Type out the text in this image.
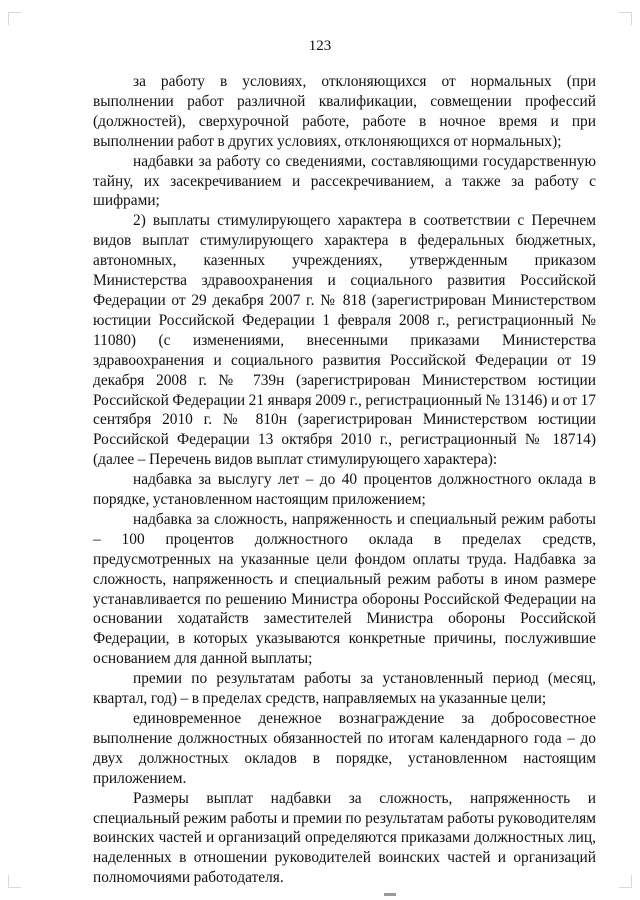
123

за работу в условиях, отклоняющихся от нормальных (при выполнении работ различной квалификации, совмещении профессий (должностей), сверхурочной работе, работе в ночное время и при выполнении работ в других условиях, отклоняющихся от нормальных);

надбавки за работу со сведениями, составляющими государственную тайну, их засекречиванием и рассекречиванием, а также за работу с шифрами;

2) выплаты стимулирующего характера в соответствии с Перечнем видов выплат стимулирующего характера в федеральных бюджетных, автономных, казенных учреждениях, утвержденным приказом Министерства здравоохранения и социального развития Российской Федерации от 29 декабря 2007 г. № 818 (зарегистрирован Министерством юстиции Российской Федерации 1 февраля 2008 г., регистрационный № 11080) (с изменениями, внесенными приказами Министерства здравоохранения и социального развития Российской Федерации от 19 декабря 2008 г. № 739н (зарегистрирован Министерством юстиции Российской Федерации 21 января 2009 г., регистрационный № 13146) и от 17 сентября 2010 г. № 810н (зарегистрирован Министерством юстиции Российской Федерации 13 октября 2010 г., регистрационный № 18714) (далее – Перечень видов выплат стимулирующего характера):

надбавка за выслугу лет – до 40 процентов должностного оклада в порядке, установленном настоящим приложением;

надбавка за сложность, напряженность и специальный режим работы – 100 процентов должностного оклада в пределах средств, предусмотренных на указанные цели фондом оплаты труда. Надбавка за сложность, напряженность и специальный режим работы в ином размере устанавливается по решению Министра обороны Российской Федерации на основании ходатайств заместителей Министра обороны Российской Федерации, в которых указываются конкретные причины, послужившие основанием для данной выплаты;

премии по результатам работы за установленный период (месяц, квартал, год) – в пределах средств, направляемых на указанные цели;

единовременное денежное вознаграждение за добросовестное выполнение должностных обязанностей по итогам календарного года – до двух должностных окладов в порядке, установленном настоящим приложением.

Размеры выплат надбавки за сложность, напряженность и специальный режим работы и премии по результатам работы руководителям воинских частей и организаций определяются приказами должностных лиц, наделенных в отношении руководителей воинских частей и организаций полномочиями работодателя.
